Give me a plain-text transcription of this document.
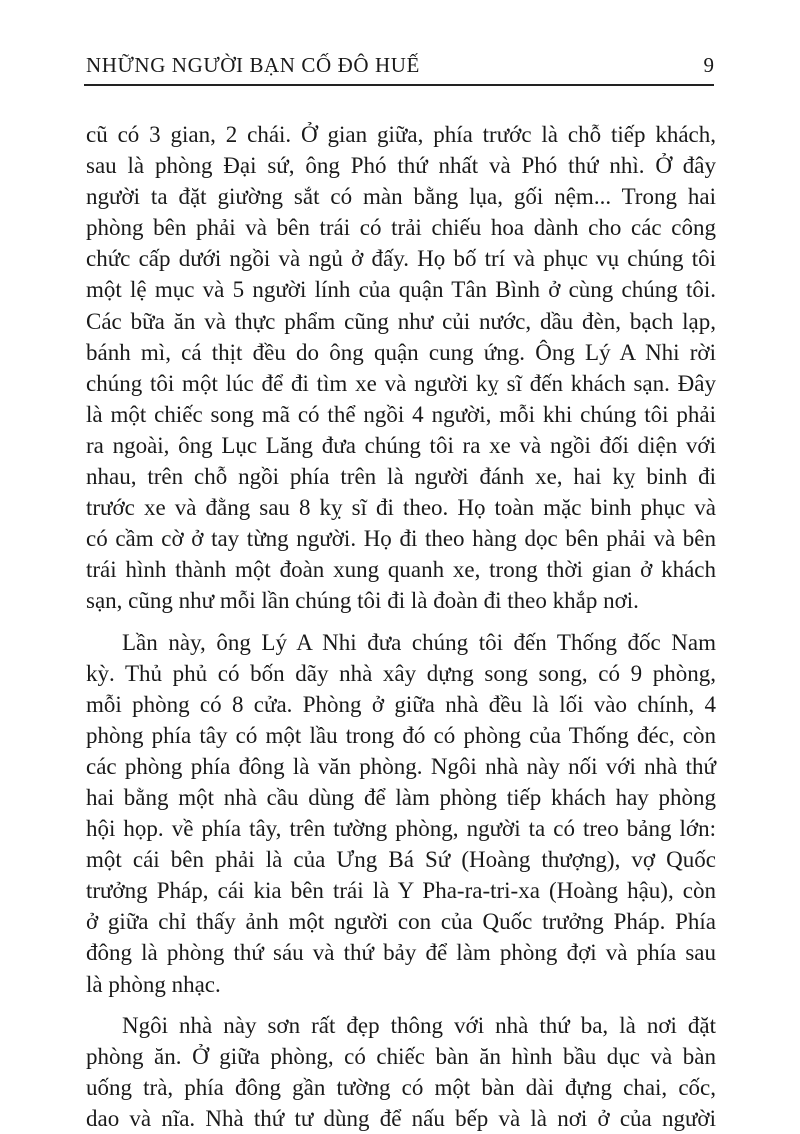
NHỮNG NGƯỜI BẠN CỐ ĐÔ HUẾ	9
cũ có 3 gian, 2 chái. Ở gian giữa, phía trước là chỗ tiếp khách,
sau là phòng Đại sứ, ông Phó thứ nhất và Phó thứ nhì. Ở đây
người ta đặt giường sắt có màn bằng lụa, gối nệm... Trong hai
phòng bên phải và bên trái có trải chiếu hoa dành cho các công
chức cấp dưới ngồi và ngủ ở đấy. Họ bố trí và phục vụ chúng tôi
một lệ mục và 5 người lính của quận Tân Bình ở cùng chúng tôi.
Các bữa ăn và thực phẩm cũng như củi nước, dầu đèn, bạch lạp,
bánh mì, cá thịt đều do ông quận cung ứng. Ông Lý A Nhi rời
chúng tôi một lúc để đi tìm xe và người kỵ sĩ đến khách sạn. Đây
là một chiếc song mã có thể ngồi 4 người, mỗi khi chúng tôi phải
ra ngoài, ông Lục Lăng đưa chúng tôi ra xe và ngồi đối diện với
nhau, trên chỗ ngồi phía trên là người đánh xe, hai kỵ binh đi
trước xe và đằng sau 8 kỵ sĩ đi theo. Họ toàn mặc binh phục và
có cầm cờ ở tay từng người. Họ đi theo hàng dọc bên phải và bên
trái hình thành một đoàn xung quanh xe, trong thời gian ở khách
sạn, cũng như mỗi lần chúng tôi đi là đoàn đi theo khắp nơi.
Lần này, ông Lý A Nhi đưa chúng tôi đến Thống đốc Nam
kỳ. Thủ phủ có bốn dãy nhà xây dựng song song, có 9 phòng,
mỗi phòng có 8 cửa. Phòng ở giữa nhà đều là lối vào chính, 4
phòng phía tây có một lầu trong đó có phòng của Thống đéc, còn
các phòng phía đông là văn phòng. Ngôi nhà này nối với nhà thứ
hai bằng một nhà cầu dùng để làm phòng tiếp khách hay phòng
hội họp. về phía tây, trên tường phòng, người ta có treo bảng lớn:
một cái bên phải là của Ưng Bá Sứ (Hoàng thượng), vợ Quốc
trưởng Pháp, cái kia bên trái là Y Pha-ra-tri-xa (Hoàng hậu), còn
ở giữa chỉ thấy ảnh một người con của Quốc trưởng Pháp. Phía
đông là phòng thứ sáu và thứ bảy để làm phòng đợi và phía sau
là phòng nhạc.
Ngôi nhà này sơn rất đẹp thông với nhà thứ ba, là nơi đặt
phòng ăn. Ở giữa phòng, có chiếc bàn ăn hình bầu dục và bàn
uống trà, phía đông gần tường có một bàn dài đựng chai, cốc,
dao và nĩa. Nhà thứ tư dùng để nấu bếp và là nơi ở của người
